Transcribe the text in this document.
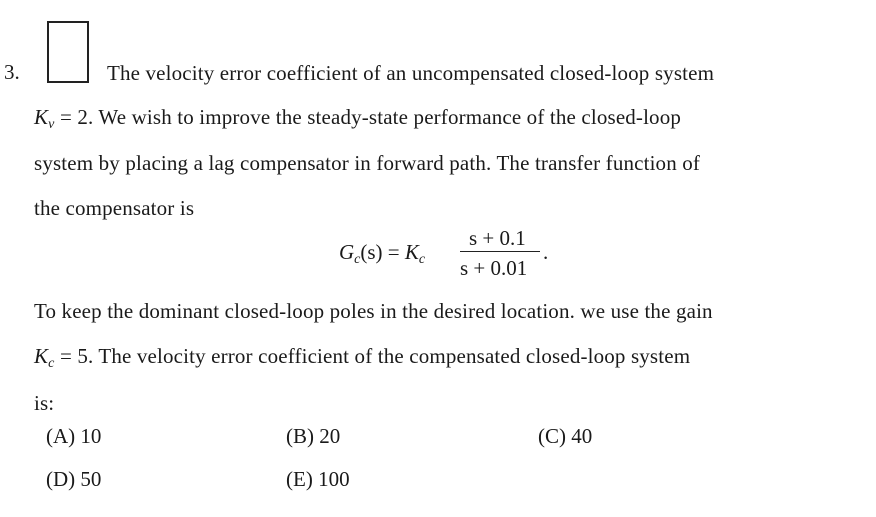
3.	The velocity error coefficient of an uncompensated closed-loop system
$K_v = 2$. We wish to improve the steady-state performance of the closed-loop
system by placing a lag compensator in forward path. The transfer function of
the compensator is
$G_c(s) = K_c$
s + 0.1
s + 0.01
.
To keep the dominant closed-loop poles in the desired location. we use the gain
$K_c = 5$. The velocity error coefficient of the compensated closed-loop system
is:
(A) 10	(B) 20	(C) 40
(D) 50	(E) 100
